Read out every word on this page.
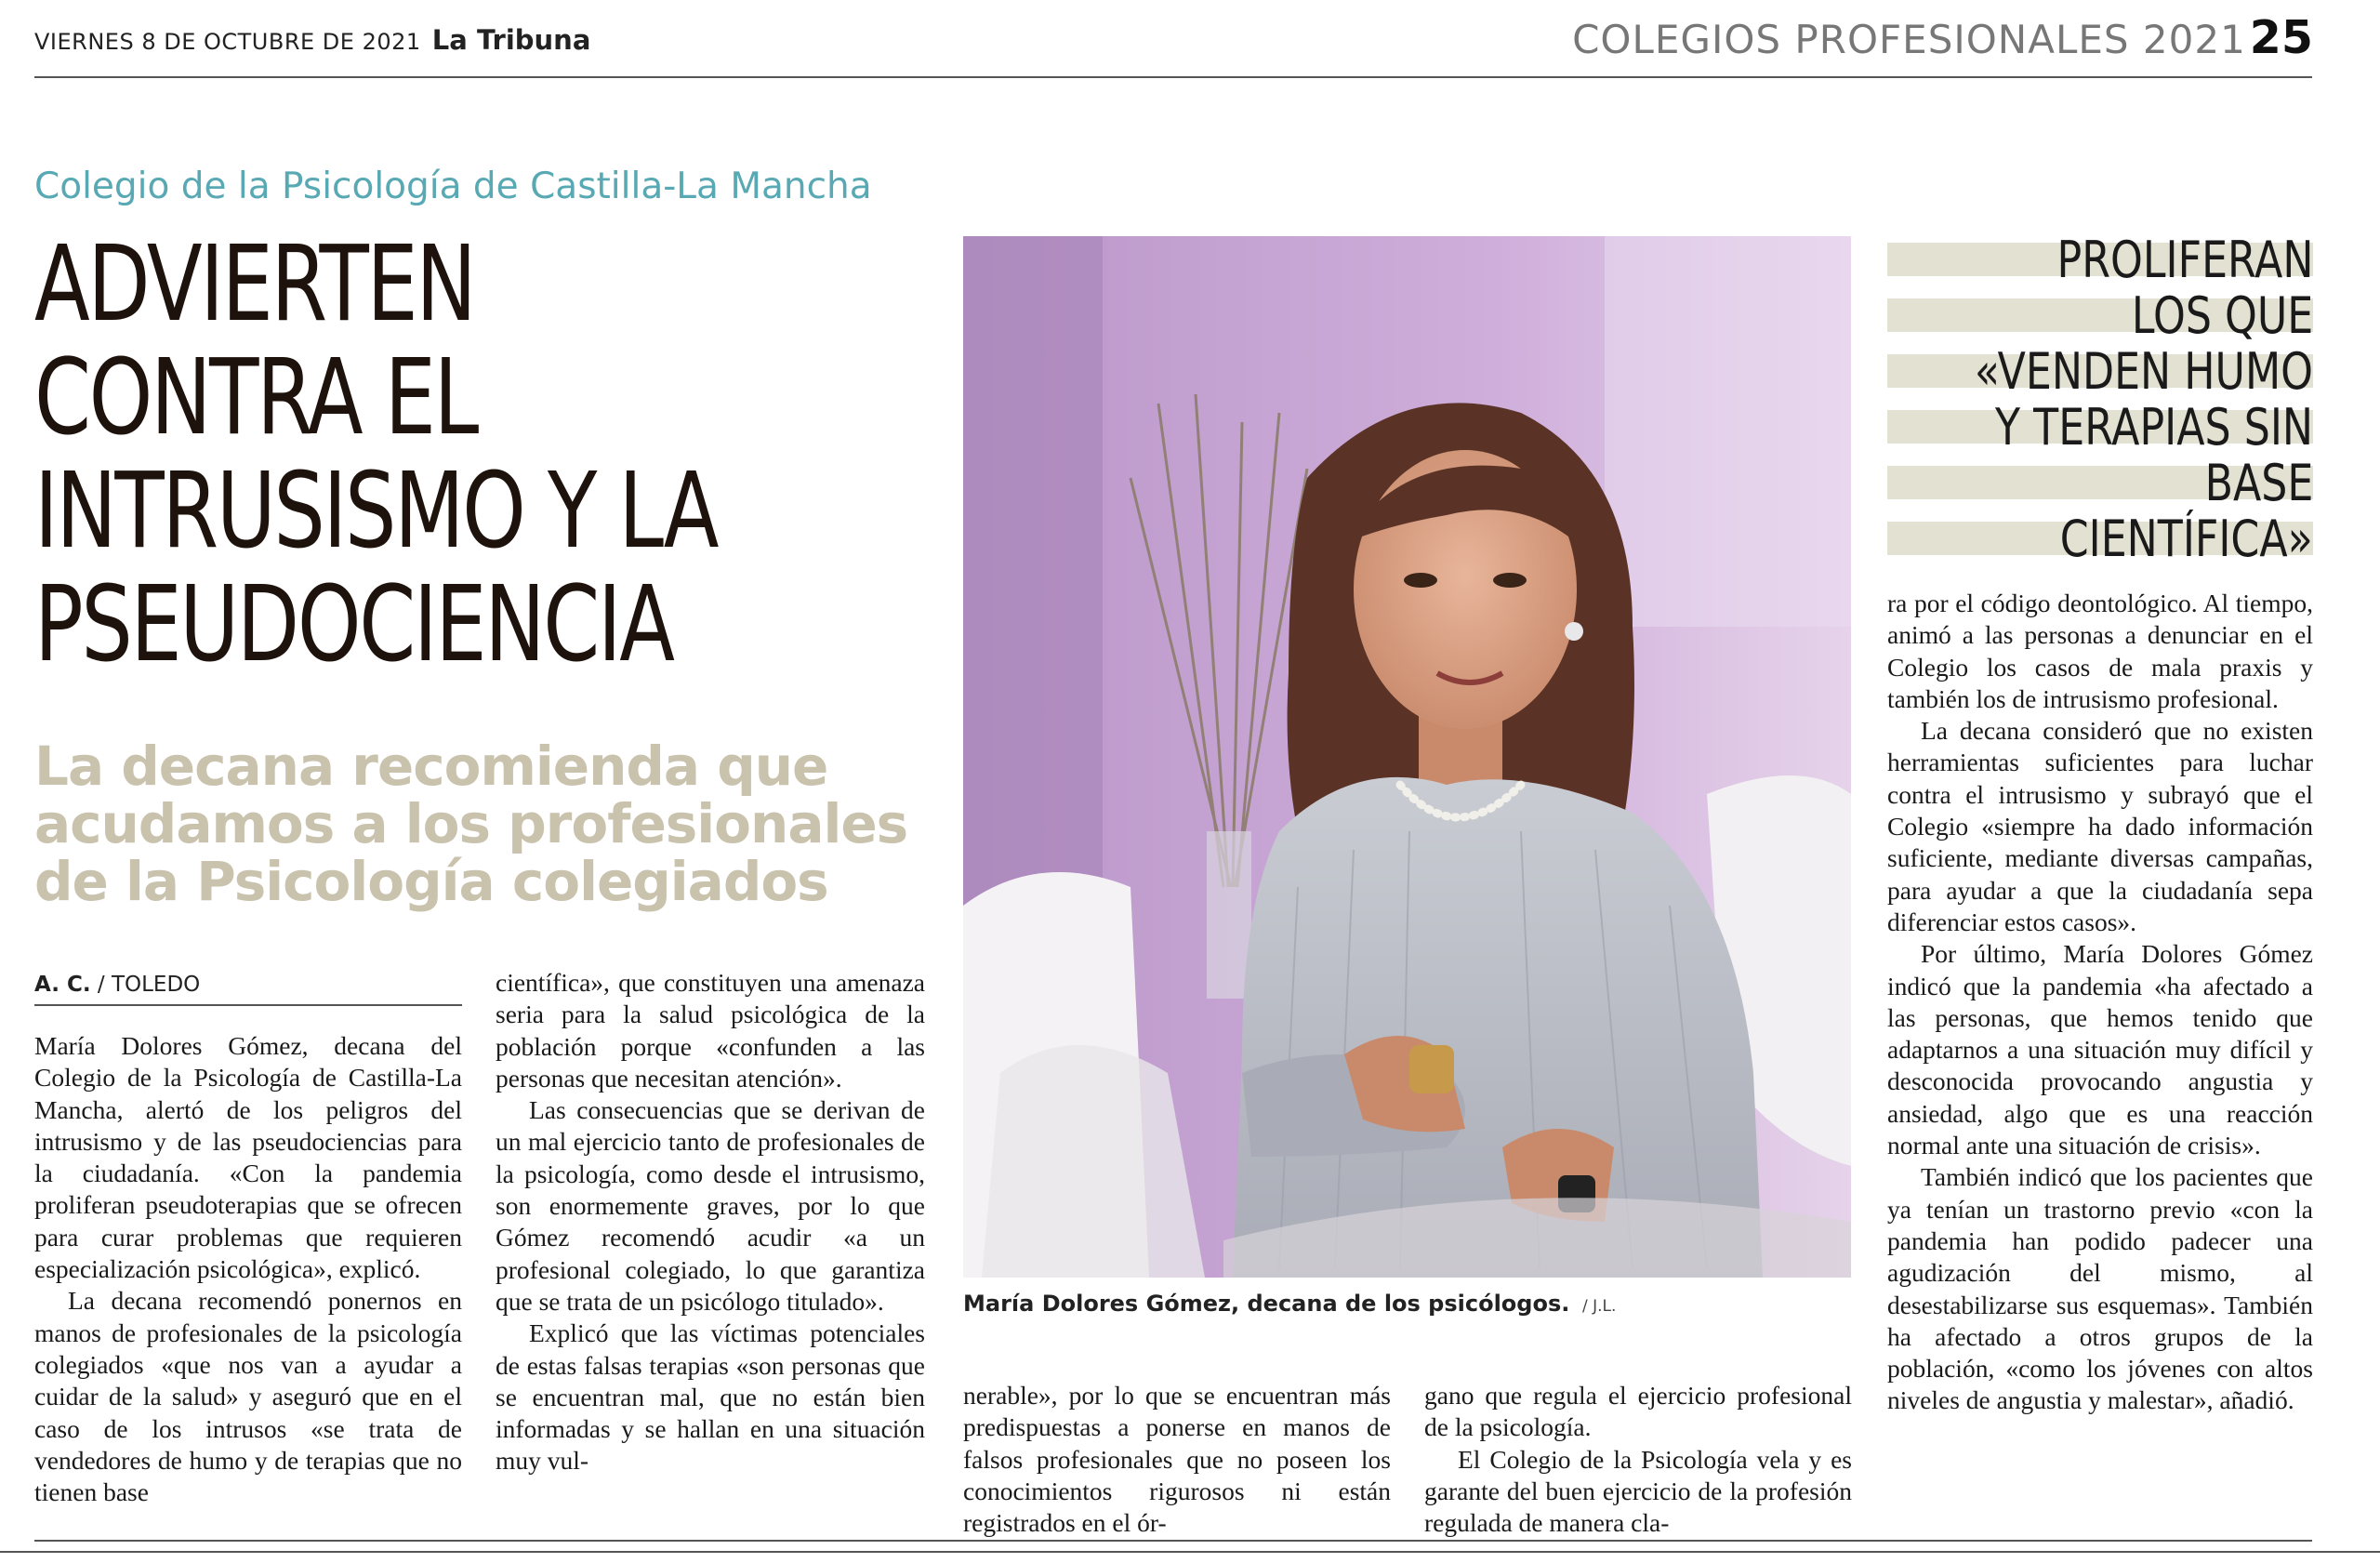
VIERNES 8 DE OCTUBRE DE 2021 La Tribuna	COLEGIOS PROFESIONALES 202125
Colegio de la Psicología de Castilla-La Mancha
ADVIERTEN
CONTRA EL
INTRUSISMO Y LA
PSEUDOCIENCIA
La decana recomienda que acudamos a los profesionales de la Psicología colegiados
A. C. / TOLEDO

María Dolores Gómez, decana del Colegio de la Psicología de Castilla-La Mancha, alertó de los peligros del intrusismo y de las pseudociencias para la ciudadanía. «Con la pandemia proliferan pseudoterapias que se ofrecen para curar problemas que requieren especialización psicológica», explicó.

La decana recomendó ponernos en manos de profesionales de la psicología colegiados «que nos van a ayudar a cuidar de la salud» y aseguró que en el caso de los intrusos «se trata de vendedores de humo y de terapias que no tienen base

científica», que constituyen una amenaza seria para la salud psicológica de la población porque «confunden a las personas que necesitan atención».

Las consecuencias que se derivan de un mal ejercicio tanto de profesionales de la psicología, como desde el intrusismo, son enormemente graves, por lo que Gómez recomendó acudir «a un profesional colegiado, lo que garantiza que se trata de un psicólogo titulado».

Explicó que las víctimas potenciales de estas falsas terapias «son personas que se encuentran mal, que no están bien informadas y se hallan en una situación muy vul-

María Dolores Gómez, decana de los psicólogos. / J.L.

nerable», por lo que se encuentran más predispuestas a ponerse en manos de falsos profesionales que no poseen los conocimientos rigurosos ni están registrados en el ór-

gano que regula el ejercicio profesional de la psicología.

El Colegio de la Psicología vela y es garante del buen ejercicio de la profesión regulada de manera cla-

PROLIFERAN
LOS QUE
«VENDEN HUMO
Y TERAPIAS SIN
BASE
CIENTÍFICA»

ra por el código deontológico. Al tiempo, animó a las personas a denunciar en el Colegio los casos de mala praxis y también los de intrusismo profesional.

La decana consideró que no existen herramientas suficientes para luchar contra el intrusismo y subrayó que el Colegio «siempre ha dado información suficiente, mediante diversas campañas, para ayudar a que la ciudadanía sepa diferenciar estos casos».

Por último, María Dolores Gómez indicó que la pandemia «ha afectado a las personas, que hemos tenido que adaptarnos a una situación muy difícil y desconocida provocando angustia y ansiedad, algo que es una reacción normal ante una situación de crisis».

También indicó que los pacientes que ya tenían un trastorno previo «con la pandemia han podido padecer una agudización del mismo, al desestabilizarse sus esquemas». También ha afectado a otros grupos de la población, «como los jóvenes con altos niveles de angustia y malestar», añadió.
